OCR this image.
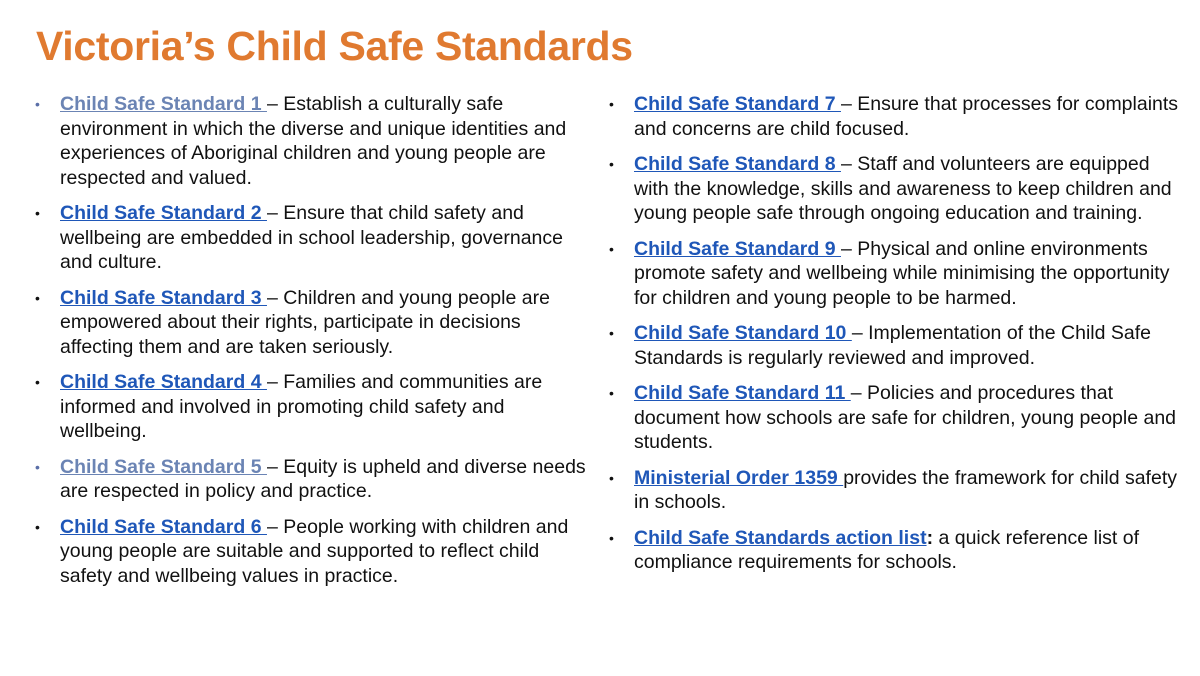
Victoria’s Child Safe Standards
• Child Safe Standard 1 – Establish a culturally safe environment in which the diverse and unique identities and experiences of Aboriginal children and young people are respected and valued.
• Child Safe Standard 2 – Ensure that child safety and wellbeing are embedded in school leadership, governance and culture.
• Child Safe Standard 3 – Children and young people are empowered about their rights, participate in decisions affecting them and are taken seriously.
• Child Safe Standard 4 – Families and communities are informed and involved in promoting child safety and wellbeing.
• Child Safe Standard 5 – Equity is upheld and diverse needs are respected in policy and practice.
• Child Safe Standard 6 – People working with children and young people are suitable and supported to reflect child safety and wellbeing values in practice.
• Child Safe Standard 7 – Ensure that processes for complaints and concerns are child focused.
• Child Safe Standard 8 – Staff and volunteers are equipped with the knowledge, skills and awareness to keep children and young people safe through ongoing education and training.
• Child Safe Standard 9 – Physical and online environments promote safety and wellbeing while minimising the opportunity for children and young people to be harmed.
• Child Safe Standard 10 – Implementation of the Child Safe Standards is regularly reviewed and improved.
• Child Safe Standard 11 – Policies and procedures that document how schools are safe for children, young people and students.
• Ministerial Order 1359 provides the framework for child safety in schools.
• Child Safe Standards action list: a quick reference list of compliance requirements for schools.
